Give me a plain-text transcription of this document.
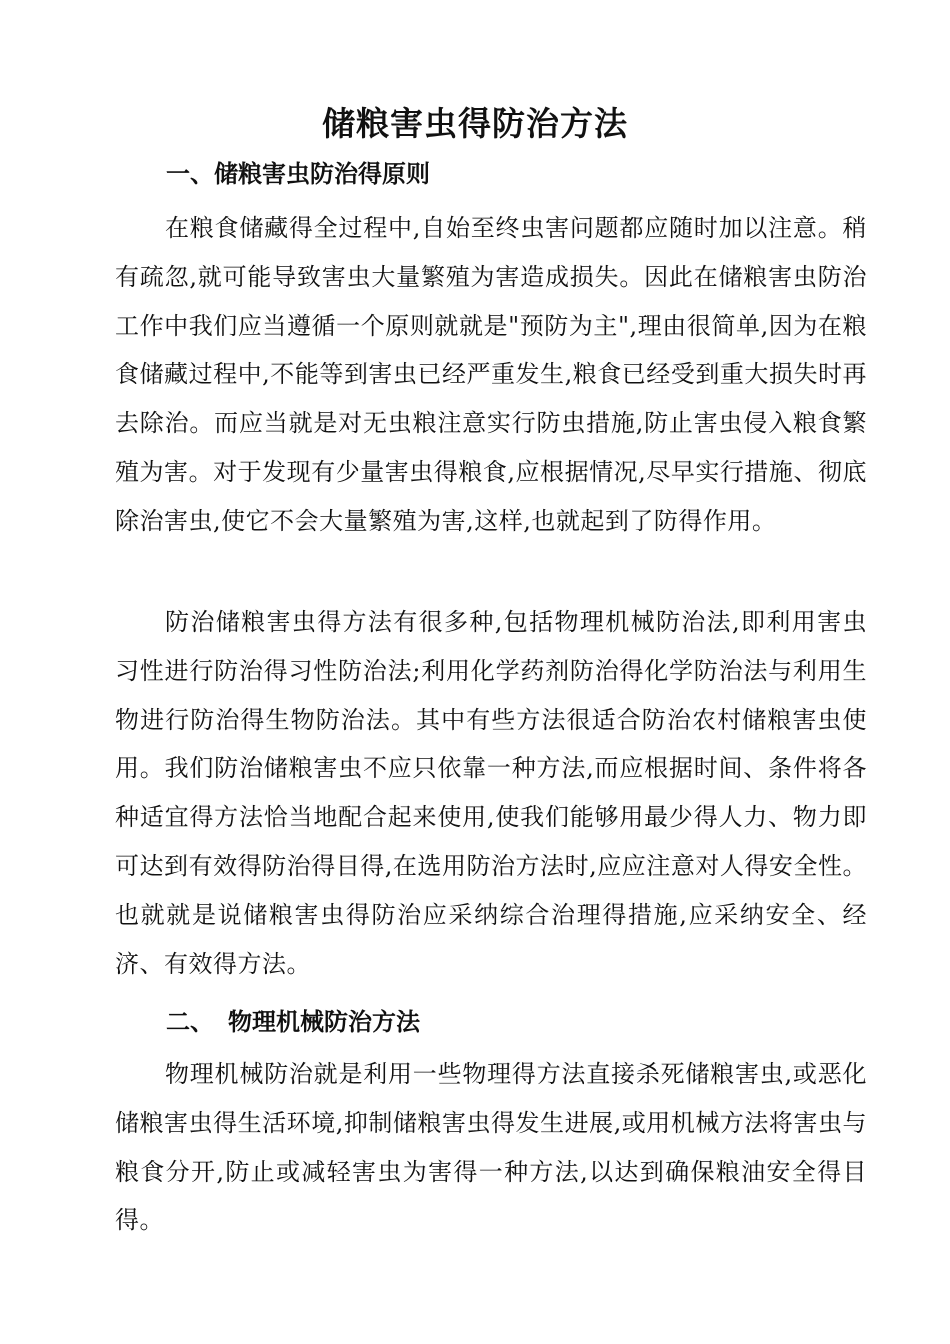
储粮害虫得防治方法
一、储粮害虫防治得原则

在粮食储藏得全过程中,自始至终虫害问题都应随时加以注意。稍有疏忽,就可能导致害虫大量繁殖为害造成损失。因此在储粮害虫防治工作中我们应当遵循一个原则就就是"预防为主",理由很简单,因为在粮食储藏过程中,不能等到害虫已经严重发生,粮食已经受到重大损失时再去除治。而应当就是对无虫粮注意实行防虫措施,防止害虫侵入粮食繁殖为害。对于发现有少量害虫得粮食,应根据情况,尽早实行措施、彻底除治害虫,使它不会大量繁殖为害,这样,也就起到了防得作用。

防治储粮害虫得方法有很多种,包括物理机械防治法,即利用害虫习性进行防治得习性防治法;利用化学药剂防治得化学防治法与利用生物进行防治得生物防治法。其中有些方法很适合防治农村储粮害虫使用。我们防治储粮害虫不应只依靠一种方法,而应根据时间、条件将各种适宜得方法恰当地配合起来使用,使我们能够用最少得人力、物力即可达到有效得防治得目得,在选用防治方法时,应应注意对人得安全性。也就就是说储粮害虫得防治应采纳综合治理得措施,应采纳安全、经济、有效得方法。

二、 物理机械防治方法

物理机械防治就是利用一些物理得方法直接杀死储粮害虫,或恶化储粮害虫得生活环境,抑制储粮害虫得发生进展,或用机械方法将害虫与粮食分开,防止或减轻害虫为害得一种方法,以达到确保粮油安全得目得。
